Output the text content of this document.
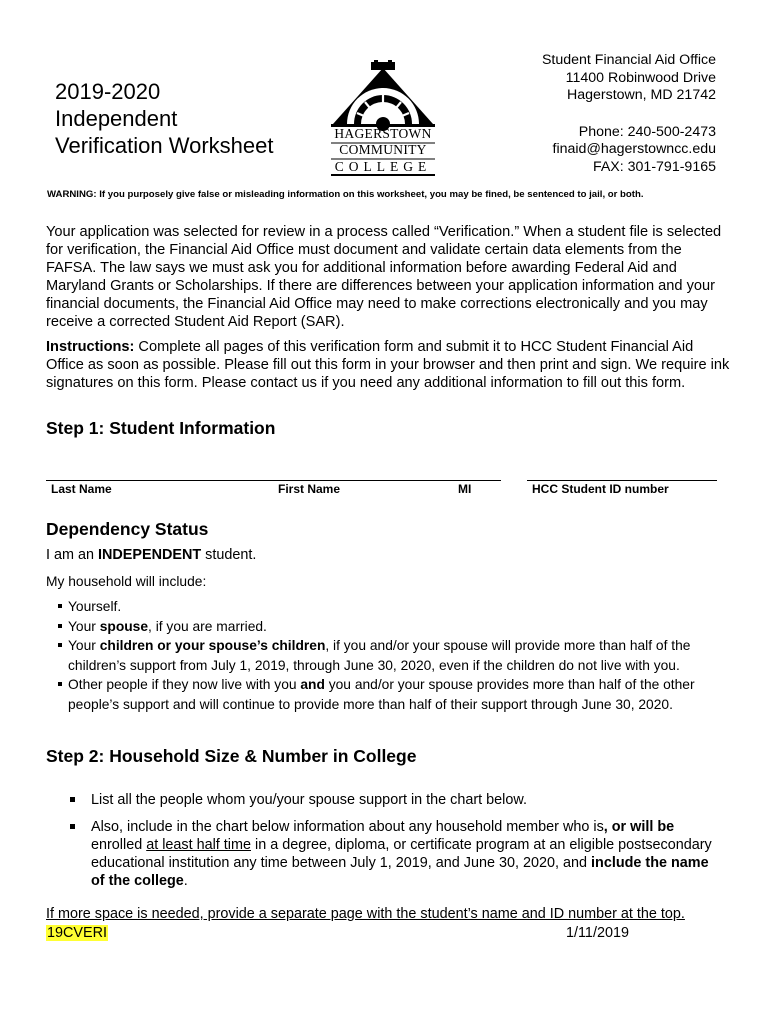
2019-2020
Independent
Verification Worksheet	HAGERSTOWN
COMMUNITY
COLLEGE
Student Financial Aid Office
11400 Robinwood Drive
Hagerstown, MD 21742
Phone: 240-500-2473
finaid@hagerstowncc.edu
FAX: 301-791-9165
WARNING: If you purposely give false or misleading information on this worksheet, you may be fined, be sentenced to jail, or both.

Your application was selected for review in a process called “Verification.” When a student file is selected for verification, the Financial Aid Office must document and validate certain data elements from the FAFSA. The law says we must ask you for additional information before awarding Federal Aid and Maryland Grants or Scholarships. If there are differences between your application information and your financial documents, the Financial Aid Office may need to make corrections electronically and you may receive a corrected Student Aid Report (SAR).

Instructions: Complete all pages of this verification form and submit it to HCC Student Financial Aid Office as soon as possible. Please fill out this form in your browser and then print and sign. We require ink signatures on this form. Please contact us if you need any additional information to fill out this form.

Step 1: Student Information
Last Name	First Name	MI	HCC Student ID number
Dependency Status
I am an INDEPENDENT student.
My household will include:
Yourself.
Your spouse, if you are married.
Your children or your spouse’s children, if you and/or your spouse will provide more than half of the children’s support from July 1, 2019, through June 30, 2020, even if the children do not live with you.
Other people if they now live with you and you and/or your spouse provides more than half of the other people’s support and will continue to provide more than half of their support through June 30, 2020.
Step 2: Household Size & Number in College
List all the people whom you/your spouse support in the chart below.
Also, include in the chart below information about any household member who is, or will be enrolled at least half time in a degree, diploma, or certificate program at an eligible postsecondary educational institution any time between July 1, 2019, and June 30, 2020, and include the name of the college.
If more space is needed, provide a separate page with the student’s name and ID number at the top.
19CVERI	1/11/2019
